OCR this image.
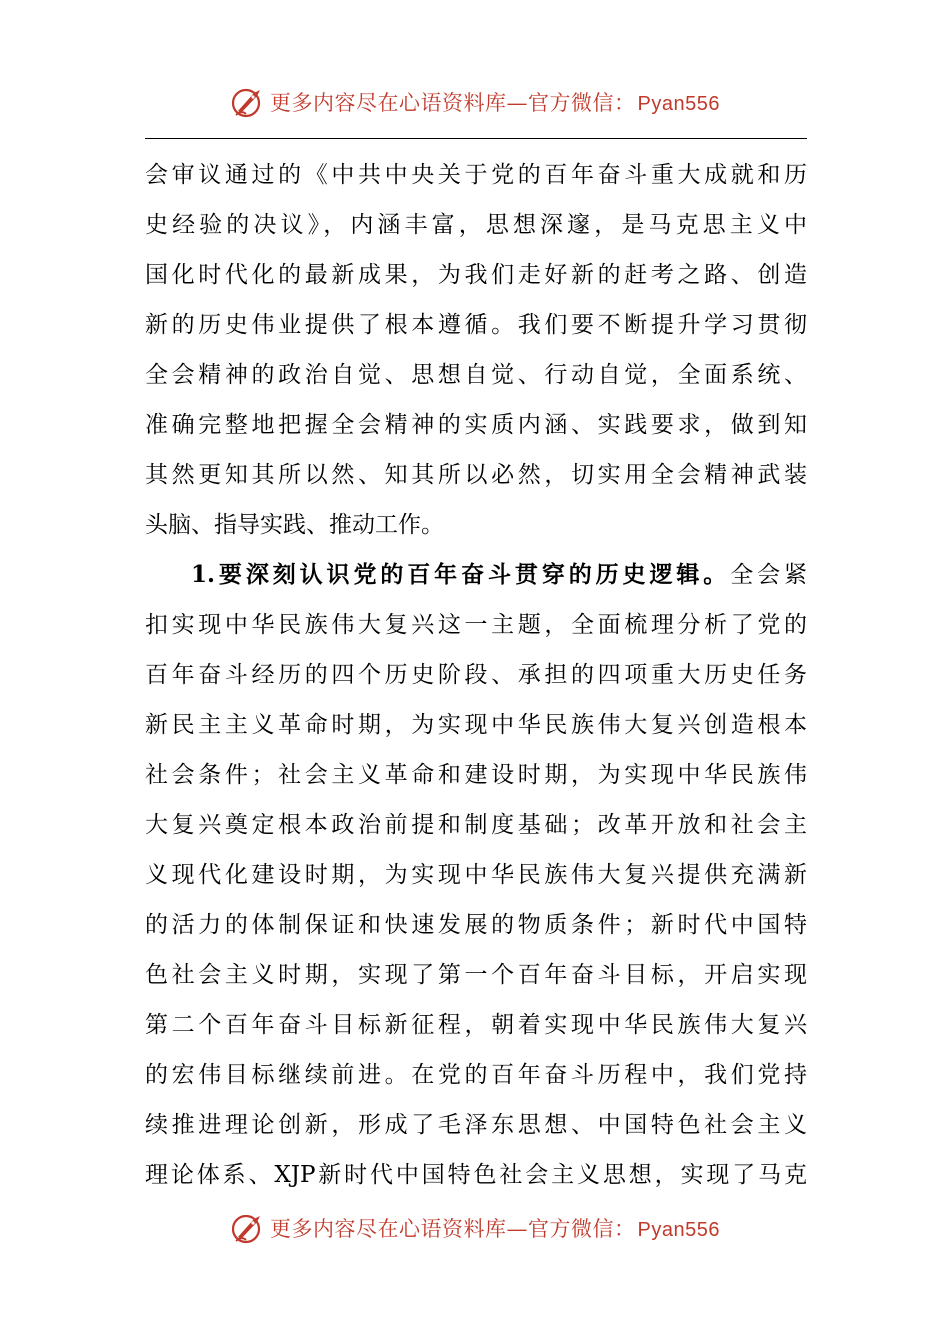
更多内容尽在心语资料库—官方微信： Pyan556
会审议通过的《中共中央关于党的百年奋斗重大成就和历
史经验的决议》，内涵丰富，思想深邃，是马克思主义中
国化时代化的最新成果，为我们走好新的赶考之路、创造
新的历史伟业提供了根本遵循。我们要不断提升学习贯彻
全会精神的政治自觉、思想自觉、行动自觉，全面系统、
准确完整地把握全会精神的实质内涵、实践要求，做到知
其然更知其所以然、知其所以必然，切实用全会精神武装
头脑、指导实践、推动工作。
1.要深刻认识党的百年奋斗贯穿的历史逻辑。全会紧
扣实现中华民族伟大复兴这一主题，全面梳理分析了党的
百年奋斗经历的四个历史阶段、承担的四项重大历史任务
新民主主义革命时期，为实现中华民族伟大复兴创造根本
社会条件；社会主义革命和建设时期，为实现中华民族伟
大复兴奠定根本政治前提和制度基础；改革开放和社会主
义现代化建设时期，为实现中华民族伟大复兴提供充满新
的活力的体制保证和快速发展的物质条件；新时代中国特
色社会主义时期，实现了第一个百年奋斗目标，开启实现
第二个百年奋斗目标新征程，朝着实现中华民族伟大复兴
的宏伟目标继续前进。在党的百年奋斗历程中，我们党持
续推进理论创新，形成了毛泽东思想、中国特色社会主义
理论体系、XJP新时代中国特色社会主义思想，实现了马克
更多内容尽在心语资料库—官方微信： Pyan556
